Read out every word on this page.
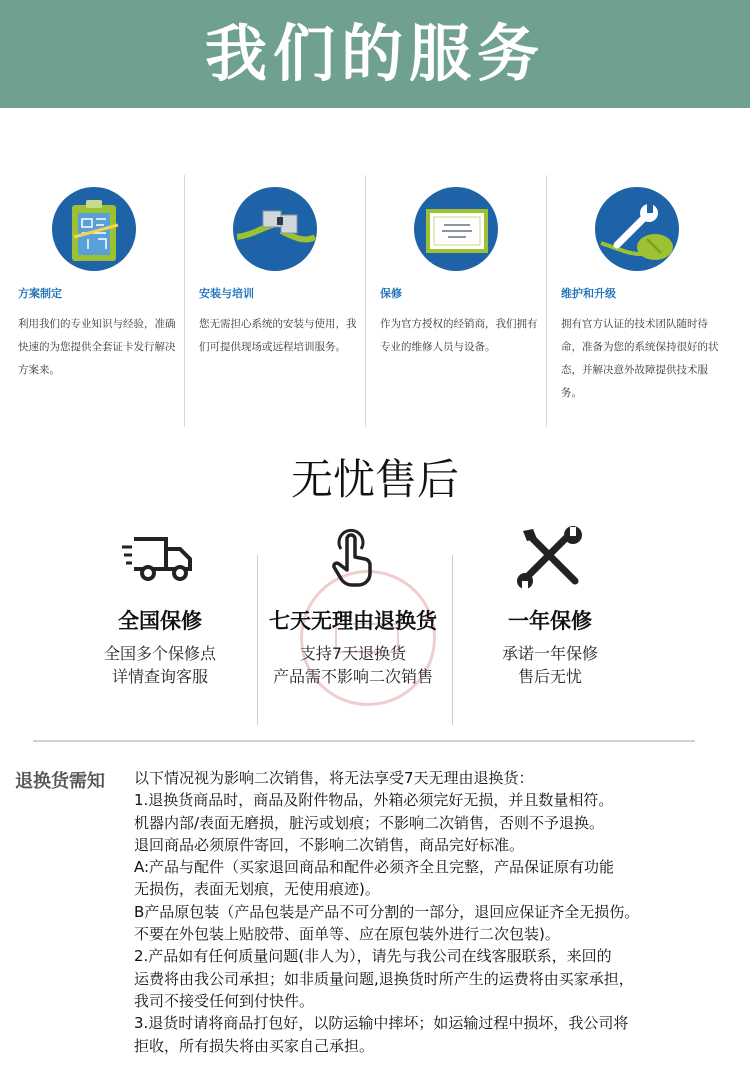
我们的服务
方案制定
利用我们的专业知识与经验，准确快速的为您提供全套证卡发行解决方案来。
安装与培训
您无需担心系统的安装与使用，我们可提供现场或远程培训服务。
保修
作为官方授权的经销商，我们拥有专业的维修人员与设备。
维护和升级
拥有官方认证的技术团队随时待命，准备为您的系统保持很好的状态，并解决意外故障提供技术服务。
无忧售后
全国保修
全国多个保修点
详情查询客服
七天无理由退换货
支持7天退换货
产品需不影响二次销售
一年保修
承诺一年保修
售后无忧
退换货需知 以下情况视为影响二次销售，将无法享受7天无理由退换货：
1.退换货商品时，商品及附件物品，外箱必须完好无损，并且数量相符。
机器内部/表面无磨损，脏污或划痕；不影响二次销售，否则不予退换。
退回商品必须原件寄回，不影响二次销售，商品完好标准。
A:产品与配件（买家退回商品和配件必须齐全且完整，产品保证原有功能
无损伤，表面无划痕，无使用痕迹)。
B产品原包装（产品包装是产品不可分割的一部分，退回应保证齐全无损伤。
不要在外包装上贴胶带、面单等、应在原包装外进行二次包装)。
2.产品如有任何质量问题(非人为），请先与我公司在线客服联系，来回的
运费将由我公司承担；如非质量问题,退换货时所产生的运费将由买家承担，
我司不接受任何到付快件。
3.退货时请将商品打包好，以防运输中摔坏；如运输过程中损坏，我公司将
拒收，所有损失将由买家自己承担。
